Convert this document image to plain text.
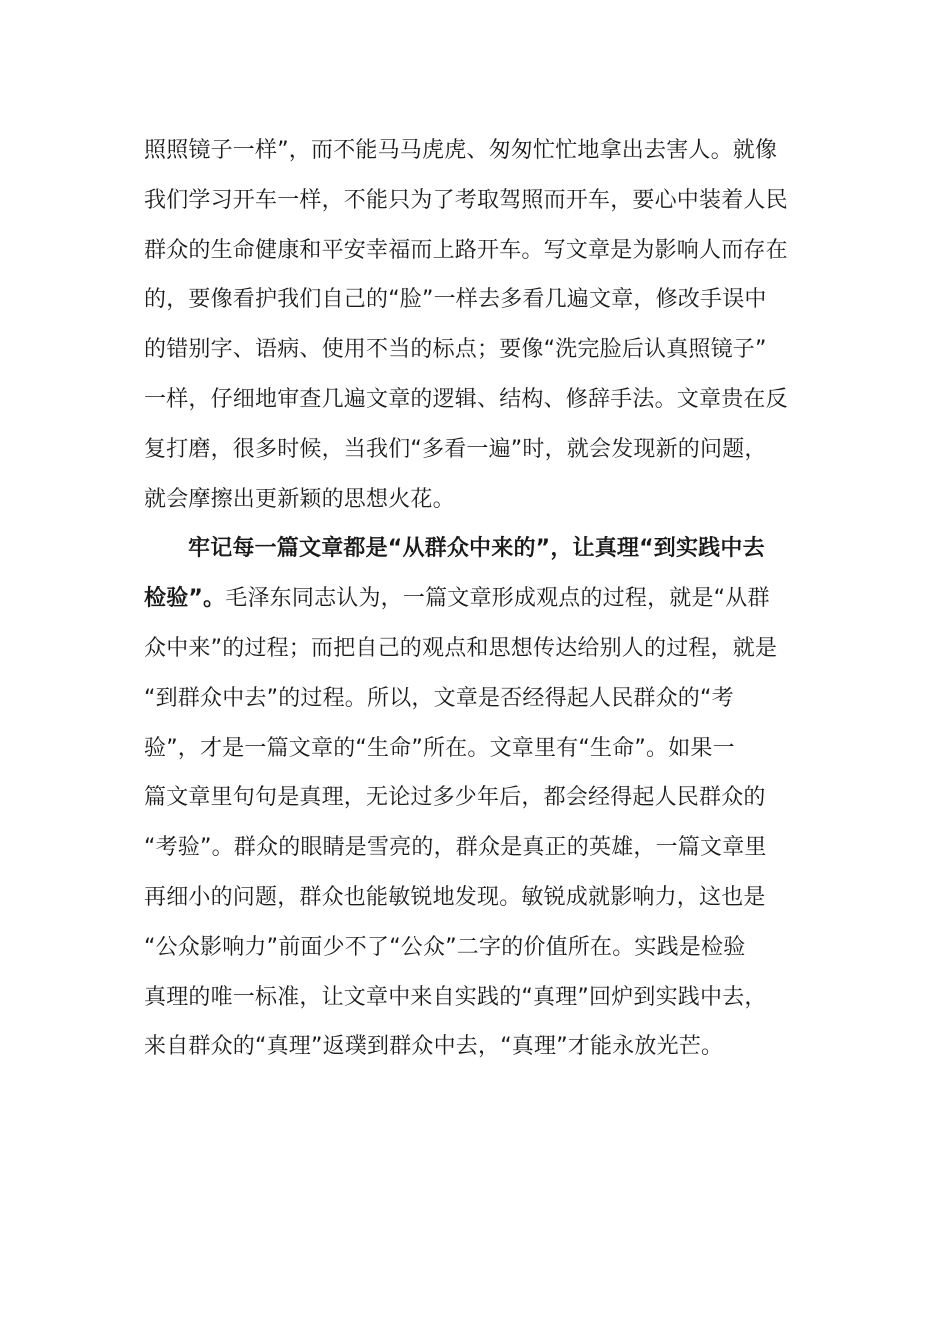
照照镜子一样”，而不能马马虎虎、匆匆忙忙地拿出去害人。就像
我们学习开车一样，不能只为了考取驾照而开车，要心中装着人民
群众的生命健康和平安幸福而上路开车。写文章是为影响人而存在
的，要像看护我们自己的“脸”一样去多看几遍文章，修改手误中
的错别字、语病、使用不当的标点；要像“洗完脸后认真照镜子”
一样，仔细地审查几遍文章的逻辑、结构、修辞手法。文章贵在反
复打磨，很多时候，当我们“多看一遍”时，就会发现新的问题，
就会摩擦出更新颖的思想火花。
牢记每一篇文章都是“从群众中来的”，让真理“到实践中去
检验”。毛泽东同志认为，一篇文章形成观点的过程，就是“从群
众中来”的过程；而把自己的观点和思想传达给别人的过程，就是
“到群众中去”的过程。所以，文章是否经得起人民群众的“考
验”，才是一篇文章的“生命”所在。文章里有“生命”。如果一
篇文章里句句是真理，无论过多少年后，都会经得起人民群众的
“考验”。群众的眼睛是雪亮的，群众是真正的英雄，一篇文章里
再细小的问题，群众也能敏锐地发现。敏锐成就影响力，这也是
“公众影响力”前面少不了“公众”二字的价值所在。实践是检验
真理的唯一标准，让文章中来自实践的“真理”回炉到实践中去，
来自群众的“真理”返璞到群众中去，“真理”才能永放光芒。
